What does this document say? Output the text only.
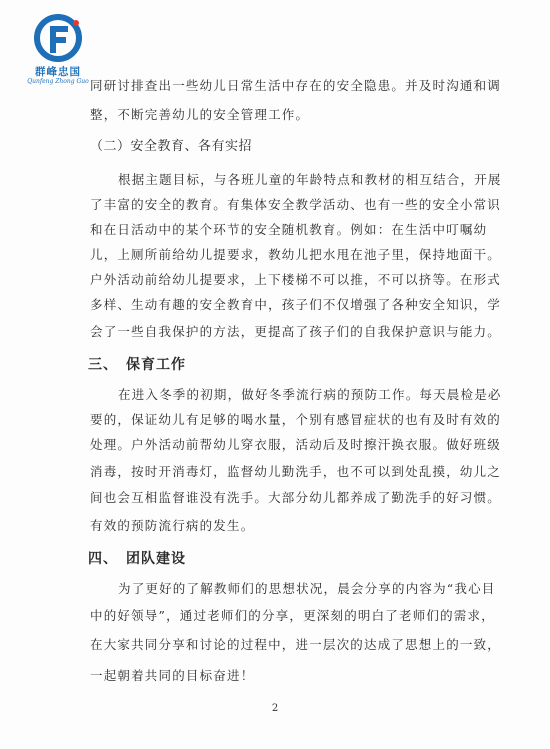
群峰忠国
Qunfeng Zhong Guo 同研讨排查出一些幼儿日常生活中存在的安全隐患。并及时沟通和调
整，不断完善幼儿的安全管理工作。
（二）安全教育、各有实招
根据主题目标，与各班儿童的年龄特点和教材的相互结合，开展
了丰富的安全的教育。有集体安全教学活动、也有一些的安全小常识
和在日活动中的某个环节的安全随机教育。例如：在生活中叮嘱幼
儿，上厕所前给幼儿提要求，教幼儿把水甩在池子里，保持地面干。
户外活动前给幼儿提要求，上下楼梯不可以推，不可以挤等。在形式
多样、生动有趣的安全教育中，孩子们不仅增强了各种安全知识，学
会了一些自我保护的方法，更提高了孩子们的自我保护意识与能力。
三、　保育工作
在进入冬季的初期，做好冬季流行病的预防工作。每天晨检是必
要的，保证幼儿有足够的喝水量，个别有感冒症状的也有及时有效的
处理。户外活动前帮幼儿穿衣服，活动后及时擦汗换衣服。做好班级
消毒，按时开消毒灯，监督幼儿勤洗手，也不可以到处乱摸，幼儿之
间也会互相监督谁没有洗手。大部分幼儿都养成了勤洗手的好习惯。
有效的预防流行病的发生。
四、　团队建设
为了更好的了解教师们的思想状况，晨会分享的内容为“我心目
中的好领导”，通过老师们的分享，更深刻的明白了老师们的需求，
在大家共同分享和讨论的过程中，进一层次的达成了思想上的一致，
一起朝着共同的目标奋进！
2
